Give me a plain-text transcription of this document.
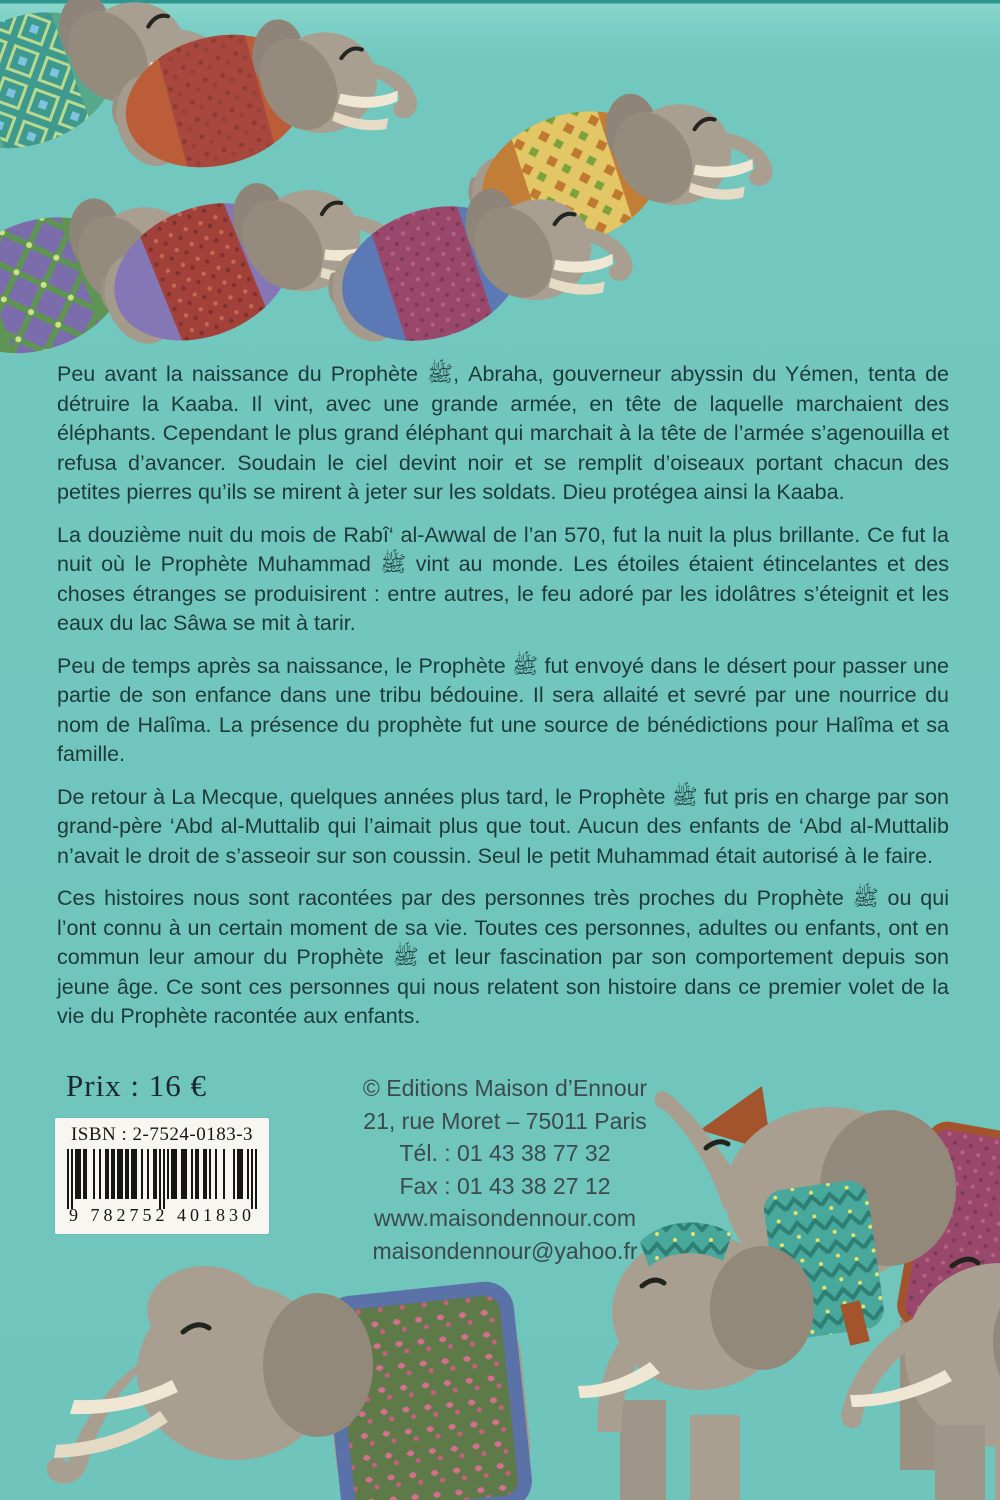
Peu avant la naissance du Prophète ﷺ, Abraha, gouverneur abyssin du Yémen, tenta de détruire la Kaaba. Il vint, avec une grande armée, en tête de laquelle marchaient des éléphants. Cependant le plus grand éléphant qui marchait à la tête de l’armée s’agenouilla et refusa d’avancer. Soudain le ciel devint noir et se remplit d’oiseaux portant chacun des petites pierres qu’ils se mirent à jeter sur les soldats. Dieu protégea ainsi la Kaaba.

La douzième nuit du mois de Rabî‘ al-Awwal de l’an 570, fut la nuit la plus brillante. Ce fut la nuit où le Prophète Muhammad ﷺ vint au monde. Les étoiles étaient étincelantes et des choses étranges se produisirent : entre autres, le feu adoré par les idolâtres s’éteignit et les eaux du lac Sâwa se mit à tarir.

Peu de temps après sa naissance, le Prophète ﷺ fut envoyé dans le désert pour passer une partie de son enfance dans une tribu bédouine. Il sera allaité et sevré par une nourrice du nom de Halîma. La présence du prophète fut une source de bénédictions pour Halîma et sa famille.

De retour à La Mecque, quelques années plus tard, le Prophète ﷺ fut pris en charge par son grand-père ‘Abd al-Muttalib qui l’aimait plus que tout. Aucun des enfants de ‘Abd al-Muttalib n’avait le droit de s’asseoir sur son coussin. Seul le petit Muhammad était autorisé à le faire.

Ces histoires nous sont racontées par des personnes très proches du Prophète ﷺ ou qui l’ont connu à un certain moment de sa vie. Toutes ces personnes, adultes ou enfants, ont en commun leur amour du Prophète ﷺ et leur fascination par son comportement depuis son jeune âge. Ce sont ces personnes qui nous relatent son histoire dans ce premier volet de la vie du Prophète racontée aux enfants.

Prix : 16 €
ISBN : 2-7524-0183-3
9 782752 401830
© Editions Maison d’Ennour
21, rue Moret – 75011 Paris
Tél. : 01 43 38 77 32
Fax : 01 43 38 27 12
www.maisondennour.com
maisondennour@yahoo.fr
